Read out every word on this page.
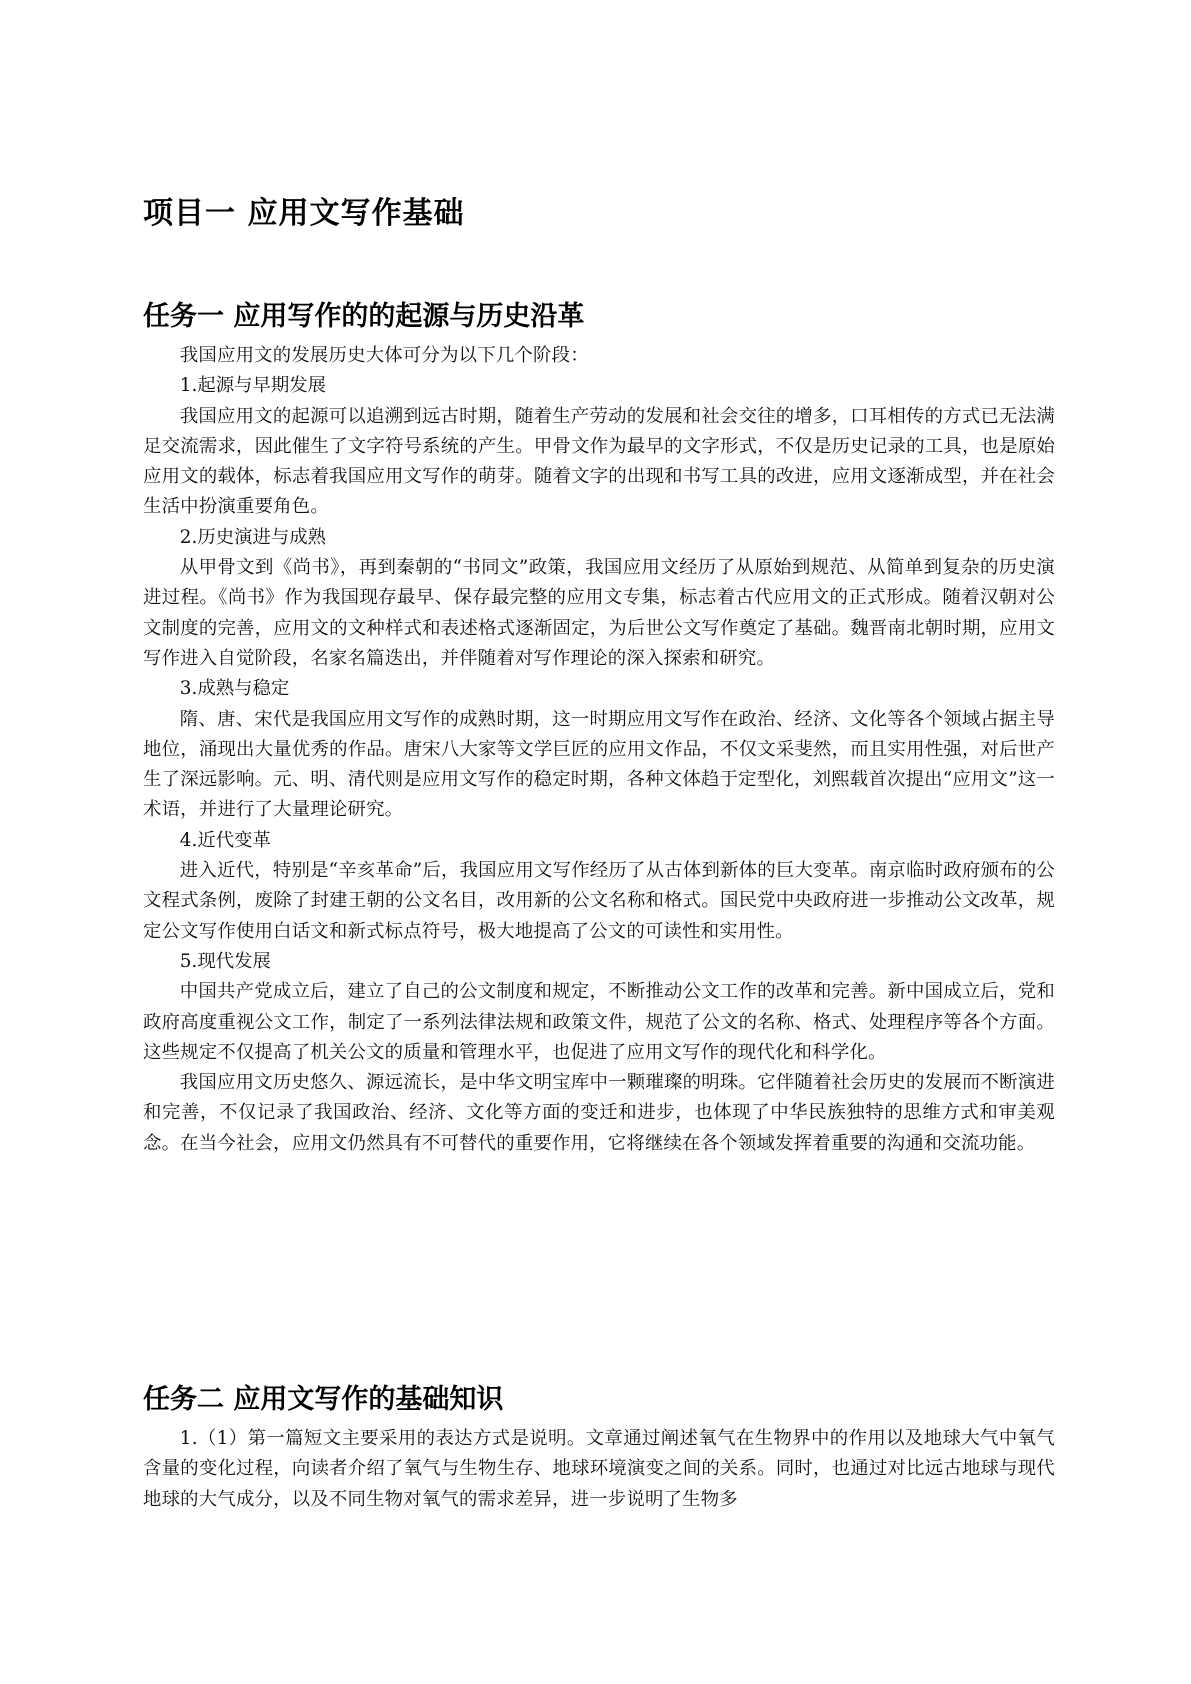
项目一 应用文写作基础
任务一 应用写作的的起源与历史沿革

我国应用文的发展历史大体可分为以下几个阶段：

1.起源与早期发展

我国应用文的起源可以追溯到远古时期，随着生产劳动的发展和社会交往的增多，口耳相传的方式已无法满足交流需求，因此催生了文字符号系统的产生。甲骨文作为最早的文字形式，不仅是历史记录的工具，也是原始应用文的载体，标志着我国应用文写作的萌芽。随着文字的出现和书写工具的改进，应用文逐渐成型，并在社会生活中扮演重要角色。

2.历史演进与成熟

从甲骨文到《尚书》，再到秦朝的“书同文”政策，我国应用文经历了从原始到规范、从简单到复杂的历史演进过程。《尚书》作为我国现存最早、保存最完整的应用文专集，标志着古代应用文的正式形成。随着汉朝对公文制度的完善，应用文的文种样式和表述格式逐渐固定，为后世公文写作奠定了基础。魏晋南北朝时期，应用文写作进入自觉阶段，名家名篇迭出，并伴随着对写作理论的深入探索和研究。

3.成熟与稳定

隋、唐、宋代是我国应用文写作的成熟时期，这一时期应用文写作在政治、经济、文化等各个领域占据主导地位，涌现出大量优秀的作品。唐宋八大家等文学巨匠的应用文作品，不仅文采斐然，而且实用性强，对后世产生了深远影响。元、明、清代则是应用文写作的稳定时期，各种文体趋于定型化，刘熙载首次提出“应用文”这一术语，并进行了大量理论研究。

4.近代变革

进入近代，特别是“辛亥革命”后，我国应用文写作经历了从古体到新体的巨大变革。南京临时政府颁布的公文程式条例，废除了封建王朝的公文名目，改用新的公文名称和格式。国民党中央政府进一步推动公文改革，规定公文写作使用白话文和新式标点符号，极大地提高了公文的可读性和实用性。

5.现代发展

中国共产党成立后，建立了自己的公文制度和规定，不断推动公文工作的改革和完善。新中国成立后，党和政府高度重视公文工作，制定了一系列法律法规和政策文件，规范了公文的名称、格式、处理程序等各个方面。这些规定不仅提高了机关公文的质量和管理水平，也促进了应用文写作的现代化和科学化。

我国应用文历史悠久、源远流长，是中华文明宝库中一颗璀璨的明珠。它伴随着社会历史的发展而不断演进和完善，不仅记录了我国政治、经济、文化等方面的变迁和进步，也体现了中华民族独特的思维方式和审美观念。在当今社会，应用文仍然具有不可替代的重要作用，它将继续在各个领域发挥着重要的沟通和交流功能。

任务二 应用文写作的基础知识

1.（1）第一篇短文主要采用的表达方式是说明。文章通过阐述氧气在生物界中的作用以及地球大气中氧气含量的变化过程，向读者介绍了氧气与生物生存、地球环境演变之间的关系。同时，也通过对比远古地球与现代地球的大气成分，以及不同生物对氧气的需求差异，进一步说明了生物多
